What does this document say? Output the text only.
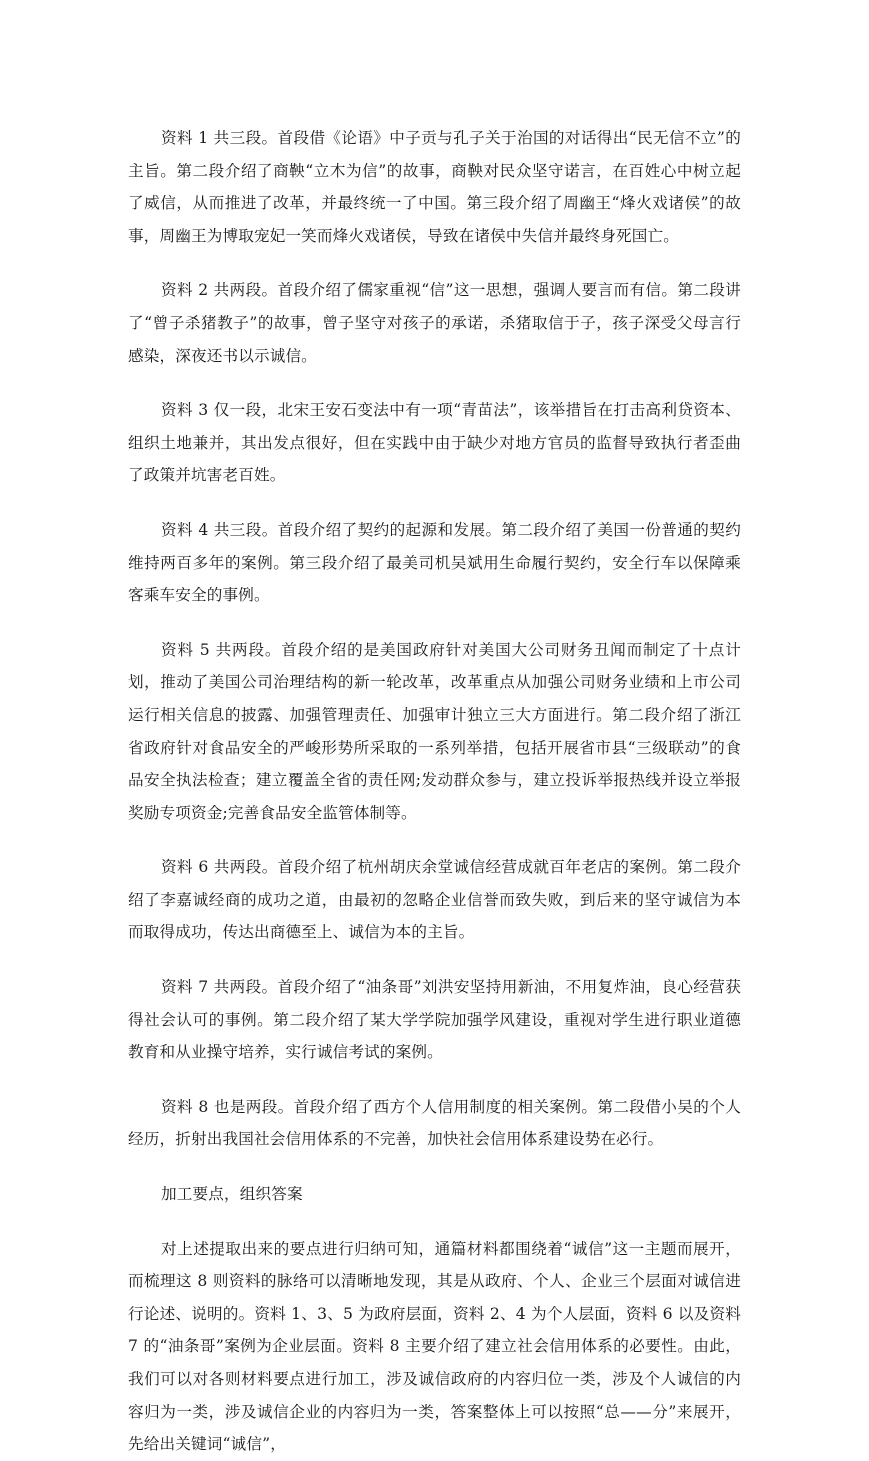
资料 1 共三段。首段借《论语》中子贡与孔子关于治国的对话得出“民无信不立”的主旨。第二段介绍了商鞅“立木为信”的故事，商鞅对民众坚守诺言，在百姓心中树立起了威信，从而推进了改革，并最终统一了中国。第三段介绍了周幽王“烽火戏诸侯”的故事，周幽王为博取宠妃一笑而烽火戏诸侯，导致在诸侯中失信并最终身死国亡。

资料 2 共两段。首段介绍了儒家重视“信”这一思想，强调人要言而有信。第二段讲了“曾子杀猪教子”的故事，曾子坚守对孩子的承诺，杀猪取信于子，孩子深受父母言行感染，深夜还书以示诚信。

资料 3 仅一段，北宋王安石变法中有一项“青苗法”，该举措旨在打击高利贷资本、组织土地兼并，其出发点很好，但在实践中由于缺少对地方官员的监督导致执行者歪曲了政策并坑害老百姓。

资料 4 共三段。首段介绍了契约的起源和发展。第二段介绍了美国一份普通的契约维持两百多年的案例。第三段介绍了最美司机吴斌用生命履行契约，安全行车以保障乘客乘车安全的事例。

资料 5 共两段。首段介绍的是美国政府针对美国大公司财务丑闻而制定了十点计划，推动了美国公司治理结构的新一轮改革，改革重点从加强公司财务业绩和上市公司运行相关信息的披露、加强管理责任、加强审计独立三大方面进行。第二段介绍了浙江省政府针对食品安全的严峻形势所采取的一系列举措，包括开展省市县“三级联动”的食品安全执法检查；建立覆盖全省的责任网;发动群众参与，建立投诉举报热线并设立举报奖励专项资金;完善食品安全监管体制等。

资料 6 共两段。首段介绍了杭州胡庆余堂诚信经营成就百年老店的案例。第二段介绍了李嘉诚经商的成功之道，由最初的忽略企业信誉而致失败，到后来的坚守诚信为本而取得成功，传达出商德至上、诚信为本的主旨。

资料 7 共两段。首段介绍了“油条哥”刘洪安坚持用新油，不用复炸油，良心经营获得社会认可的事例。第二段介绍了某大学学院加强学风建设，重视对学生进行职业道德教育和从业操守培养，实行诚信考试的案例。

资料 8 也是两段。首段介绍了西方个人信用制度的相关案例。第二段借小吴的个人经历，折射出我国社会信用体系的不完善，加快社会信用体系建设势在必行。

加工要点，组织答案

对上述提取出来的要点进行归纳可知，通篇材料都围绕着“诚信”这一主题而展开，而梳理这 8 则资料的脉络可以清晰地发现，其是从政府、个人、企业三个层面对诚信进行论述、说明的。资料 1、3、5 为政府层面，资料 2、4 为个人层面，资料 6 以及资料 7 的“油条哥”案例为企业层面。资料 8 主要介绍了建立社会信用体系的必要性。由此，我们可以对各则材料要点进行加工，涉及诚信政府的内容归位一类，涉及个人诚信的内容归为一类，涉及诚信企业的内容归为一类，答案整体上可以按照“总——分”来展开，先给出关键词“诚信”，
